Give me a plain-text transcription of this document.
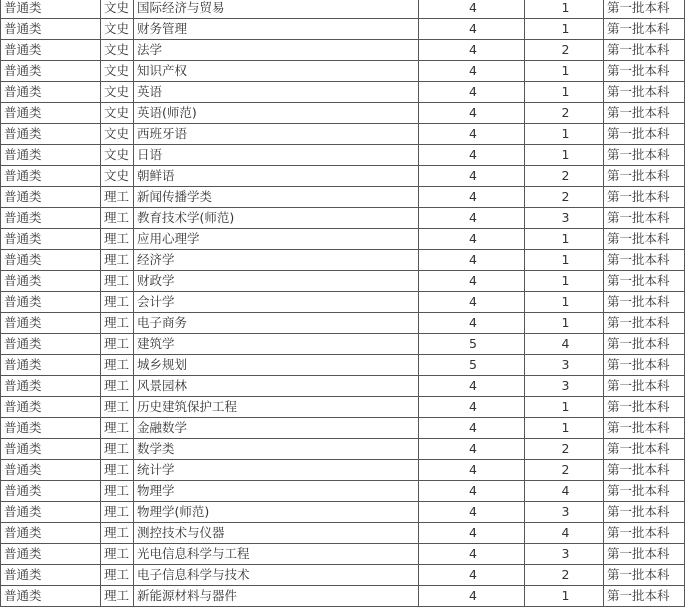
普通类	文史	国际经济与贸易	4	1	第一批本科
普通类	文史	财务管理	4	1	第一批本科
普通类	文史	法学	4	2	第一批本科
普通类	文史	知识产权	4	1	第一批本科
普通类	文史	英语	4	1	第一批本科
普通类	文史	英语(师范)	4	2	第一批本科
普通类	文史	西班牙语	4	1	第一批本科
普通类	文史	日语	4	1	第一批本科
普通类	文史	朝鲜语	4	2	第一批本科
普通类	理工	新闻传播学类	4	2	第一批本科
普通类	理工	教育技术学(师范)	4	3	第一批本科
普通类	理工	应用心理学	4	1	第一批本科
普通类	理工	经济学	4	1	第一批本科
普通类	理工	财政学	4	1	第一批本科
普通类	理工	会计学	4	1	第一批本科
普通类	理工	电子商务	4	1	第一批本科
普通类	理工	建筑学	5	4	第一批本科
普通类	理工	城乡规划	5	3	第一批本科
普通类	理工	风景园林	4	3	第一批本科
普通类	理工	历史建筑保护工程	4	1	第一批本科
普通类	理工	金融数学	4	1	第一批本科
普通类	理工	数学类	4	2	第一批本科
普通类	理工	统计学	4	2	第一批本科
普通类	理工	物理学	4	4	第一批本科
普通类	理工	物理学(师范)	4	3	第一批本科
普通类	理工	测控技术与仪器	4	4	第一批本科
普通类	理工	光电信息科学与工程	4	3	第一批本科
普通类	理工	电子信息科学与技术	4	2	第一批本科
普通类	理工	新能源材料与器件	4	1	第一批本科
